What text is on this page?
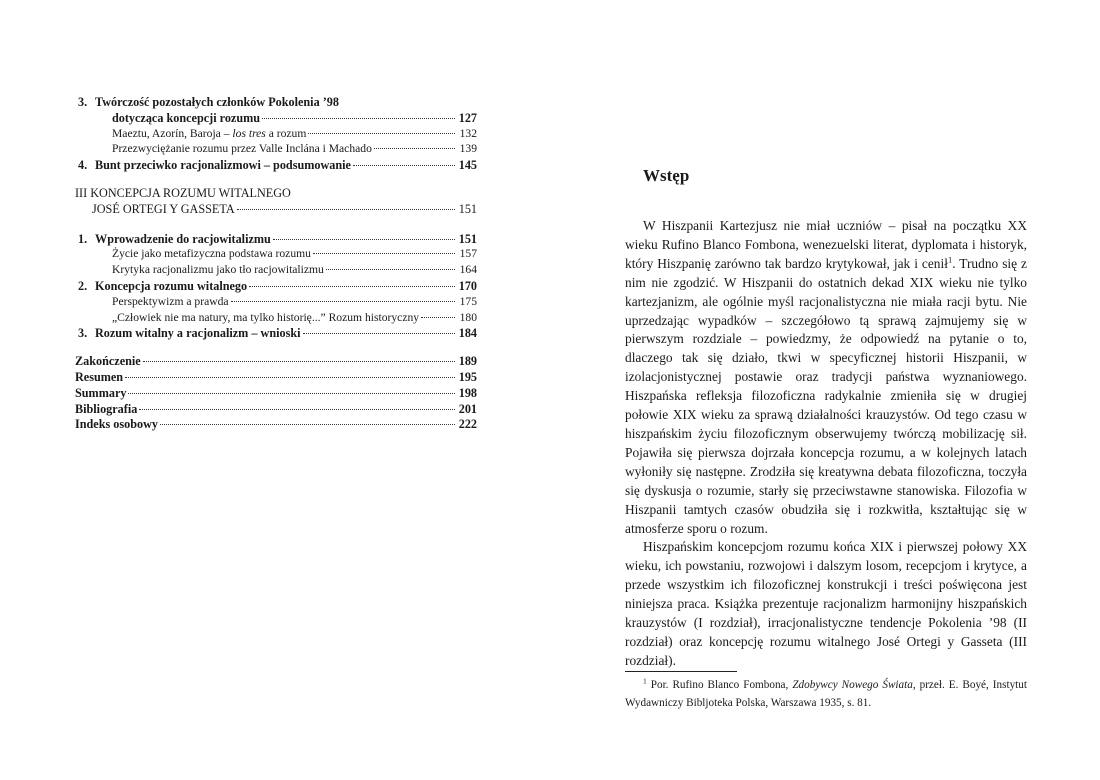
3. Twórczość pozostałych członków Pokolenia ’98
dotycząca koncepcji rozumu	127
Maeztu, Azorín, Baroja – los tres a rozum	132
Przezwyciężanie rozumu przez Valle Inclána i Machado	139
4. Bunt przeciwko racjonalizmowi – podsumowanie	145
III KONCEPCJA ROZUMU WITALNEGO
JOSÉ ORTEGI Y GASSETA	151
1. Wprowadzenie do racjowitalizmu	151
Życie jako metafizyczna podstawa rozumu	157
Krytyka racjonalizmu jako tło racjowitalizmu	164
2. Koncepcja rozumu witalnego	170
Perspektywizm a prawda	175
„Człowiek nie ma natury, ma tylko historię...” Rozum historyczny	180
3. Rozum witalny a racjonalizm – wnioski	184
Zakończenie	189
Resumen	195
Summary	198
Bibliografia	201
Indeks osobowy	222
Wstęp

W Hiszpanii Kartezjusz nie miał uczniów – pisał na początku XX wieku Rufino Blanco Fombona, wenezuelski literat, dyplomata i historyk, który Hiszpanię zarówno tak bardzo krytykował, jak i cenił$^1$. Trudno się z nim nie zgodzić. W Hiszpanii do ostatnich dekad XIX wieku nie tylko kartezjanizm, ale ogólnie myśl racjonalistyczna nie miała racji bytu. Nie uprzedzając wypadków – szczegółowo tą sprawą zajmujemy się w pierwszym rozdziale – powiedzmy, że odpowiedź na pytanie o to, dlaczego tak się działo, tkwi w specyficznej historii Hiszpanii, w izolacjonistycznej postawie oraz tradycji państwa wyznaniowego. Hiszpańska refleksja filozoficzna radykalnie zmieniła się w drugiej połowie XIX wieku za sprawą działalności krauzystów. Od tego czasu w hiszpańskim życiu filozoficznym obserwujemy twórczą mobilizację sił. Pojawiła się pierwsza dojrzała koncepcja rozumu, a w kolejnych latach wyłoniły się następne. Zrodziła się kreatywna debata filozoficzna, toczyła się dyskusja o rozumie, starły się przeciwstawne stanowiska. Filozofia w Hiszpanii tamtych czasów obudziła się i rozkwitła, kształtując się w atmosferze sporu o rozum.

Hiszpańskim koncepcjom rozumu końca XIX i pierwszej połowy XX wieku, ich powstaniu, rozwojowi i dalszym losom, recepcjom i krytyce, a przede wszystkim ich filozoficznej konstrukcji i treści poświęcona jest niniejsza praca. Książka prezentuje racjonalizm harmonijny hiszpańskich krauzystów (I rozdział), irracjonalistyczne tendencje Pokolenia ’98 (II rozdział) oraz koncepcję rozumu witalnego José Ortegi y Gasseta (III rozdział).

$^1$ Por. Rufino Blanco Fombona, Zdobywcy Nowego Świata, przeł. E. Boyé, Instytut Wydawniczy Bibljoteka Polska, Warszawa 1935, s. 81.
